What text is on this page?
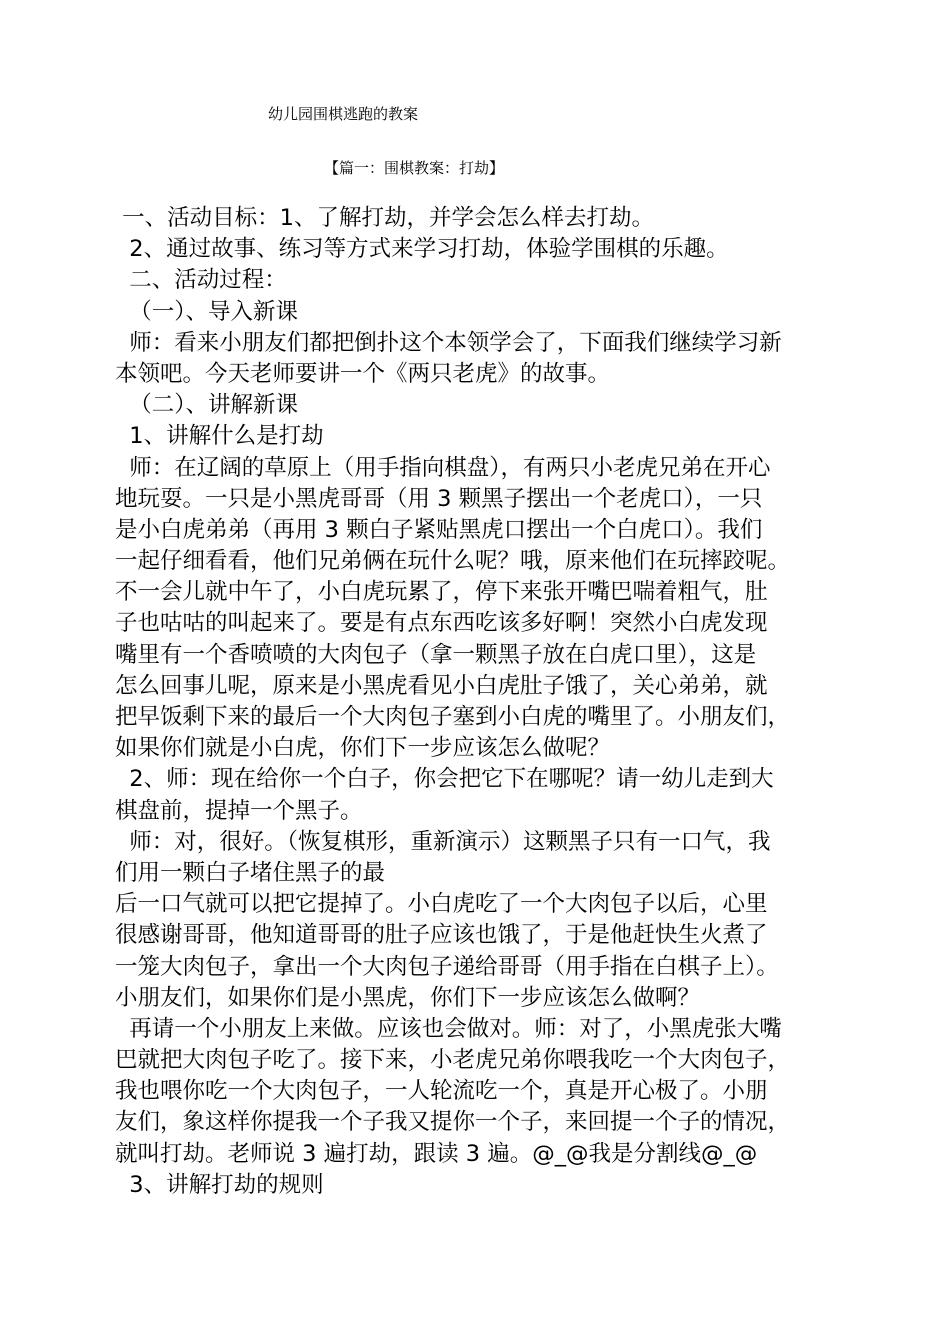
幼儿园围棋逃跑的教案
【篇一：围棋教案：打劫】
一、活动目标：1、了解打劫，并学会怎么样去打劫。
2、通过故事、练习等方式来学习打劫，体验学围棋的乐趣。
二、活动过程：
（一）、导入新课
师：看来小朋友们都把倒扑这个本领学会了，下面我们继续学习新
本领吧。今天老师要讲一个《两只老虎》的故事。
（二）、讲解新课
1、讲解什么是打劫
师：在辽阔的草原上（用手指向棋盘），有两只小老虎兄弟在开心
地玩耍。一只是小黑虎哥哥（用 3 颗黑子摆出一个老虎口），一只
是小白虎弟弟（再用 3 颗白子紧贴黑虎口摆出一个白虎口）。我们
一起仔细看看，他们兄弟俩在玩什么呢？哦，原来他们在玩摔跤呢。
不一会儿就中午了，小白虎玩累了，停下来张开嘴巴喘着粗气，肚
子也咕咕的叫起来了。要是有点东西吃该多好啊！突然小白虎发现
嘴里有一个香喷喷的大肉包子（拿一颗黑子放在白虎口里），这是
怎么回事儿呢，原来是小黑虎看见小白虎肚子饿了，关心弟弟，就
把早饭剩下来的最后一个大肉包子塞到小白虎的嘴里了。小朋友们，
如果你们就是小白虎，你们下一步应该怎么做呢？
2、师：现在给你一个白子，你会把它下在哪呢？请一幼儿走到大
棋盘前，提掉一个黑子。
师：对，很好。（恢复棋形，重新演示）这颗黑子只有一口气，我
们用一颗白子堵住黑子的最
后一口气就可以把它提掉了。小白虎吃了一个大肉包子以后，心里
很感谢哥哥，他知道哥哥的肚子应该也饿了，于是他赶快生火煮了
一笼大肉包子，拿出一个大肉包子递给哥哥（用手指在白棋子上）。
小朋友们，如果你们是小黑虎，你们下一步应该怎么做啊？
再请一个小朋友上来做。应该也会做对。师：对了，小黑虎张大嘴
巴就把大肉包子吃了。接下来，小老虎兄弟你喂我吃一个大肉包子，
我也喂你吃一个大肉包子，一人轮流吃一个，真是开心极了。小朋
友们，象这样你提我一个子我又提你一个子，来回提一个子的情况，
就叫打劫。老师说 3 遍打劫，跟读 3 遍。@_@我是分割线@_@
3、讲解打劫的规则
